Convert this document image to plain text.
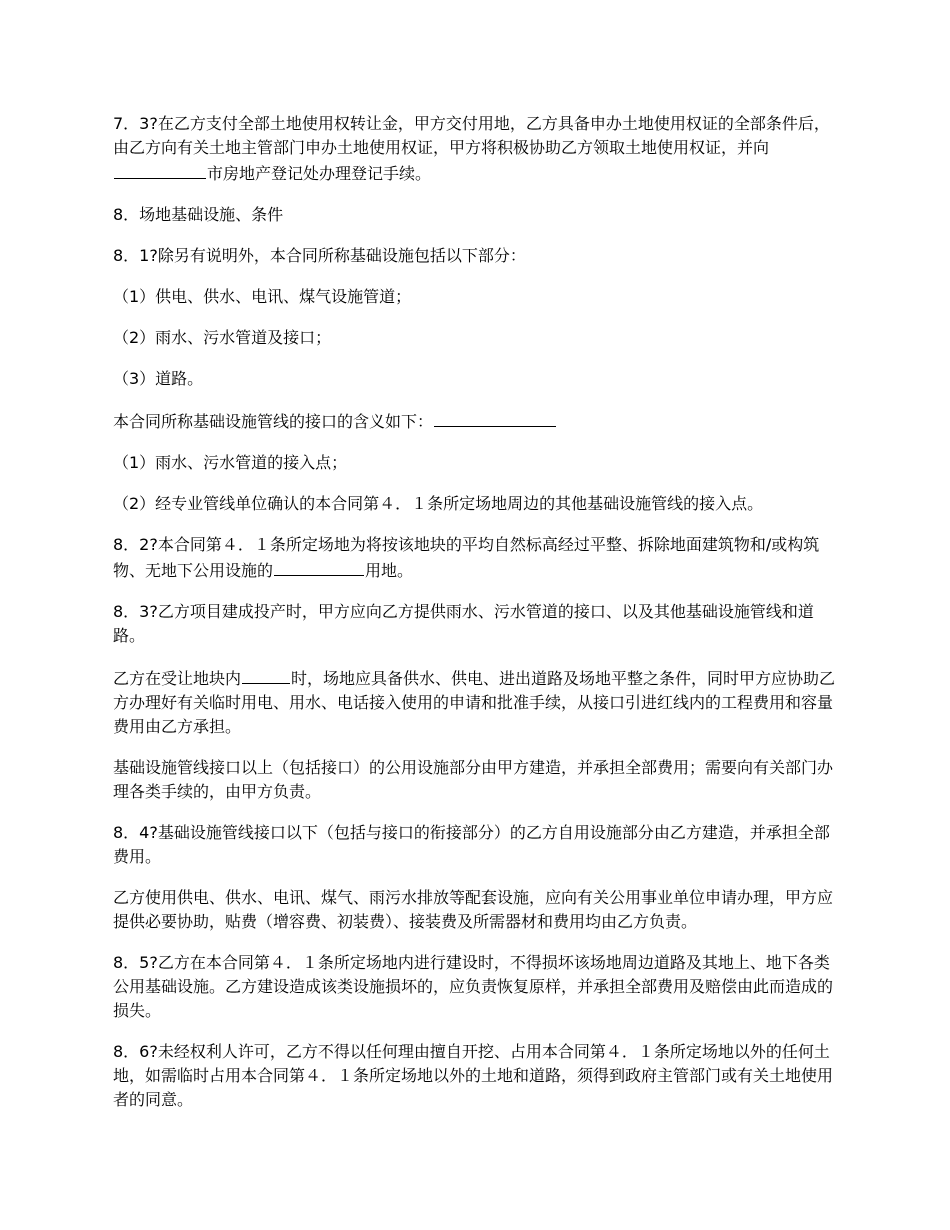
7．3?在乙方支付全部土地使用权转让金，甲方交付用地，乙方具备申办土地使用权证的全部条件后，由乙方向有关土地主管部门申办土地使用权证，甲方将积极协助乙方领取土地使用权证，并向市房地产登记处办理登记手续。

8．场地基础设施、条件

8．1?除另有说明外，本合同所称基础设施包括以下部分：

（1）供电、供水、电讯、煤气设施管道；

（2）雨水、污水管道及接口；

（3）道路。

本合同所称基础设施管线的接口的含义如下：

（1）雨水、污水管道的接入点；

（2）经专业管线单位确认的本合同第４．１条所定场地周边的其他基础设施管线的接入点。

8．2?本合同第４．１条所定场地为将按该地块的平均自然标高经过平整、拆除地面建筑物和/或构筑物、无地下公用设施的	用地。

8．3?乙方项目建成投产时，甲方应向乙方提供雨水、污水管道的接口、以及其他基础设施管线和道路。

乙方在受让地块内	时，场地应具备供水、供电、进出道路及场地平整之条件，同时甲方应协助乙方办理好有关临时用电、用水、电话接入使用的申请和批准手续，从接口引进红线内的工程费用和容量费用由乙方承担。

基础设施管线接口以上（包括接口）的公用设施部分由甲方建造，并承担全部费用；需要向有关部门办理各类手续的，由甲方负责。

8．4?基础设施管线接口以下（包括与接口的衔接部分）的乙方自用设施部分由乙方建造，并承担全部费用。

乙方使用供电、供水、电讯、煤气、雨污水排放等配套设施，应向有关公用事业单位申请办理，甲方应提供必要协助，贴费（增容费、初装费）、接装费及所需器材和费用均由乙方负责。

8．5?乙方在本合同第４．１条所定场地内进行建设时，不得损坏该场地周边道路及其地上、地下各类公用基础设施。乙方建设造成该类设施损坏的，应负责恢复原样，并承担全部费用及赔偿由此而造成的损失。

8．6?未经权利人许可，乙方不得以任何理由擅自开挖、占用本合同第４．１条所定场地以外的任何土地，如需临时占用本合同第４．１条所定场地以外的土地和道路，须得到政府主管部门或有关土地使用者的同意。
